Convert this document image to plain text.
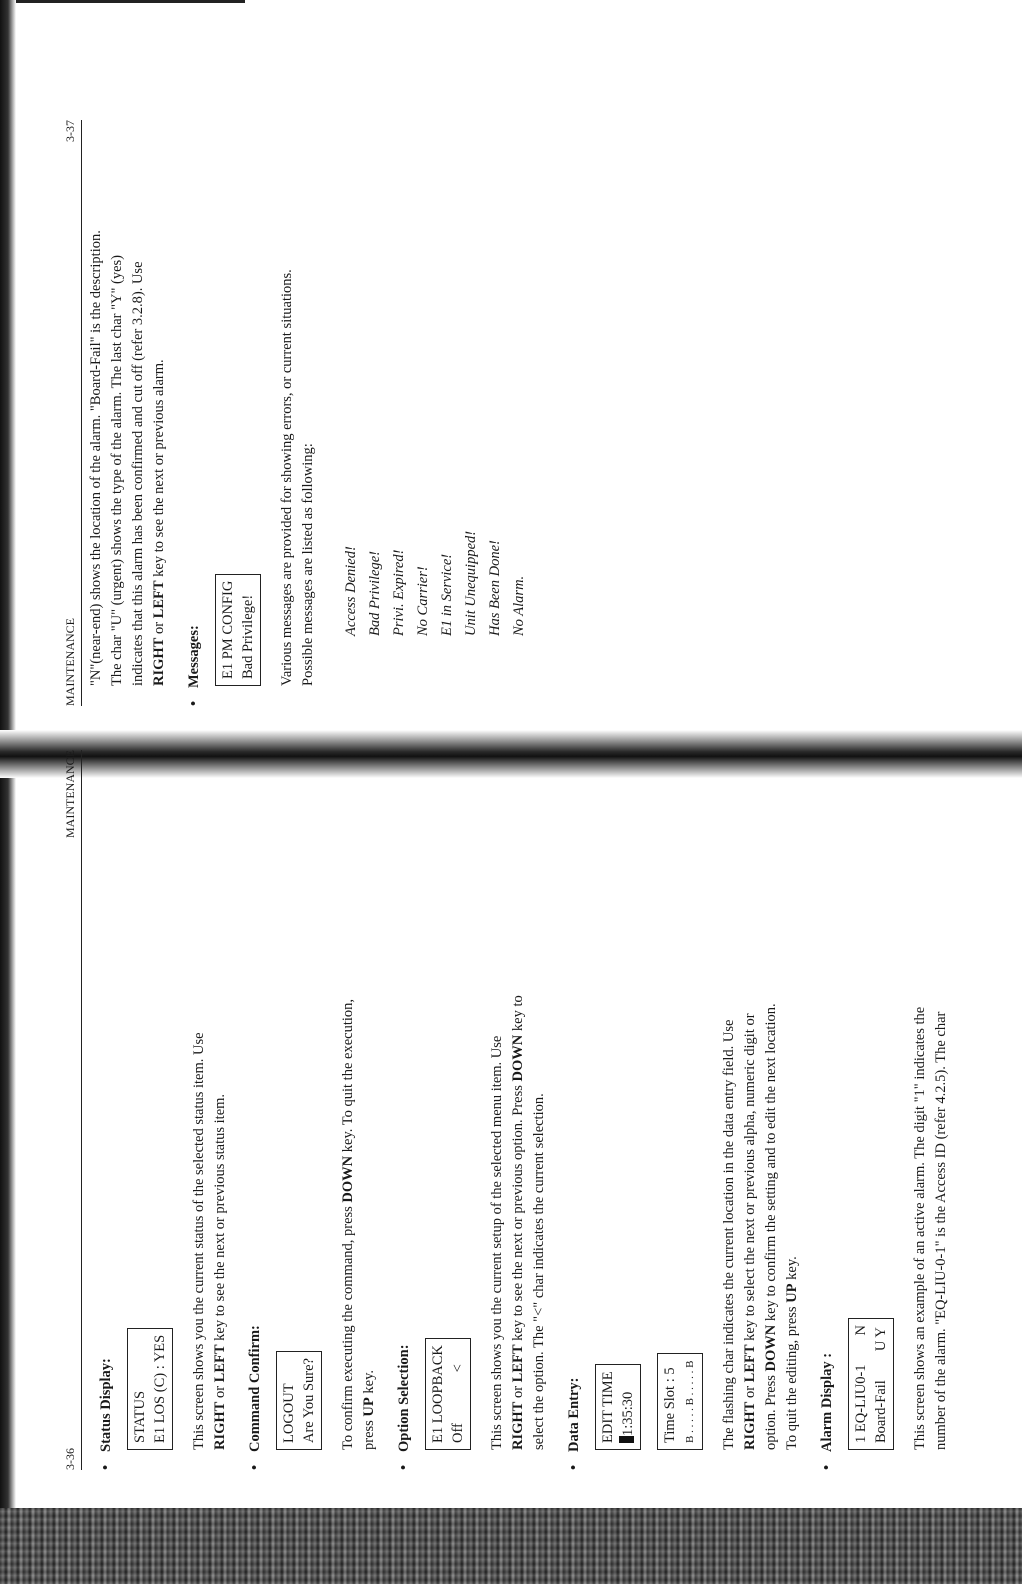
MAINTENANCE
3-37
"N"(near-end) shows the location of the alarm. "Board-Fail" is the description. The char "U" (urgent) shows the type of the alarm. The last char "Y" (yes) indicates that this alarm has been confirmed and cut off (refer 3.2.8). Use RIGHT or LEFT key to see the next or previous alarm.
•Messages: E1 PM CONFIG Bad Privilege! Various messages are provided for showing errors, or current situations. Possible messages are listed as following: Access Denied! Bad Privilege! Privi. Expired! No Carrier! E1 in Service! Unit Unequipped! Has Been Done! No Alarm.
3-36
MAINTENANCE
•Status Display: STATUS E1 LOS (C) : YES This screen shows you the current status of the selected status item. Use RIGHT or LEFT key to see the next or previous status item.
•Command Confirm: LOGOUT Are You Sure? To confirm executing the command, press DOWN key. To quit the execution,
press UP key.
•Option Selection: E1 LOOPBACK Off              < This screen shows you the current setup of the selected menu item. Use RIGHT or LEFT key to see the next or previous option. Press DOWN key to
select the option. The "<" char indicates the current selection.
•Data Entry: EDIT TIME 1:35:30 Time Slot : 5 B . . . . . B . . . . . B The flashing char indicates the current location in the data entry field. Use RIGHT or LEFT key to select the next or previous alpha, numeric digit or
option. Press DOWN key to confirm the setting and to edit the next location.
To quit the editing, press UP key.
•Alarm Display : 1 EQ-LIU0-1        N Board-Fail        U Y This screen shows an example of an active alarm. The digit "1" indicates the number of the alarm. "EQ-LIU-0-1" is the Access ID (refer 4.2.5). The char
